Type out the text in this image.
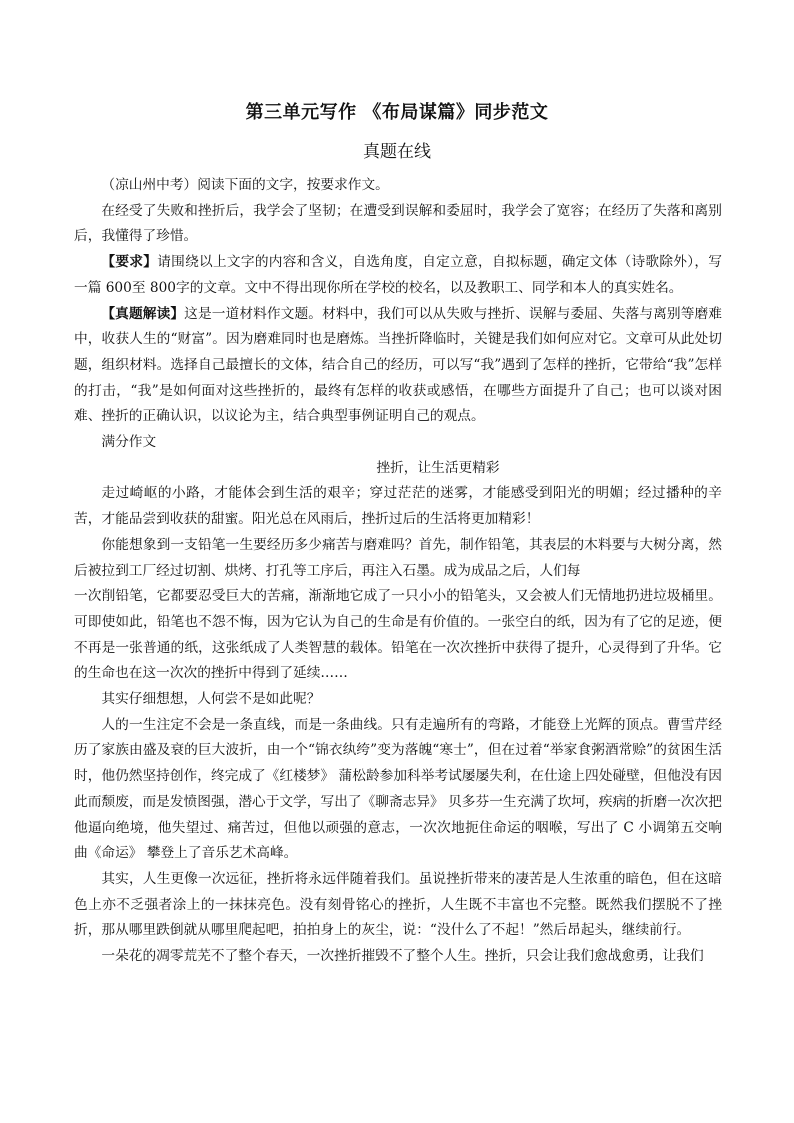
第三单元写作 《布局谋篇》同步范文
真题在线

（凉山州中考）阅读下面的文字，按要求作文。

在经受了失败和挫折后，我学会了坚韧；在遭受到误解和委屈时，我学会了宽容；在经历了失落和离别后，我懂得了珍惜。

【要求】请围绕以上文字的内容和含义，自选角度，自定立意，自拟标题，确定文体（诗歌除外），写一篇 600至 800字的文章。文中不得出现你所在学校的校名，以及教职工、同学和本人的真实姓名。

【真题解读】这是一道材料作文题。材料中，我们可以从失败与挫折、误解与委屈、失落与离别等磨难中，收获人生的“财富”。因为磨难同时也是磨炼。当挫折降临时，关键是我们如何应对它。文章可从此处切题，组织材料。选择自己最擅长的文体，结合自己的经历，可以写“我”遇到了怎样的挫折，它带给“我”怎样的打击，“我”是如何面对这些挫折的，最终有怎样的收获或感悟，在哪些方面提升了自己；也可以谈对困难、挫折的正确认识，以议论为主，结合典型事例证明自己的观点。

满分作文

挫折，让生活更精彩

走过崎岖的小路，才能体会到生活的艰辛；穿过茫茫的迷雾，才能感受到阳光的明媚；经过播种的辛苦，才能品尝到收获的甜蜜。阳光总在风雨后，挫折过后的生活将更加精彩！

你能想象到一支铅笔一生要经历多少痛苦与磨难吗？首先，制作铅笔，其表层的木料要与大树分离，然后被拉到工厂经过切割、烘烤、打孔等工序后，再注入石墨。成为成品之后，人们每

一次削铅笔，它都要忍受巨大的苦痛，渐渐地它成了一只小小的铅笔头，又会被人们无情地扔进垃圾桶里。可即使如此，铅笔也不怨不悔，因为它认为自己的生命是有价值的。一张空白的纸，因为有了它的足迹，便不再是一张普通的纸，这张纸成了人类智慧的载体。铅笔在一次次挫折中获得了提升，心灵得到了升华。它的生命也在这一次次的挫折中得到了延续……

其实仔细想想，人何尝不是如此呢？

人的一生注定不会是一条直线，而是一条曲线。只有走遍所有的弯路，才能登上光辉的顶点。曹雪芹经历了家族由盛及衰的巨大波折，由一个“锦衣纨绔”变为落魄“寒士”，但在过着“举家食粥酒常赊”的贫困生活时，他仍然坚持创作，终完成了《红楼梦》 蒲松龄参加科举考试屡屡失利，在仕途上四处碰壁，但他没有因此而颓废，而是发愤图强，潜心于文学，写出了《聊斋志异》 贝多芬一生充满了坎坷，疾病的折磨一次次把他逼向绝境，他失望过、痛苦过，但他以顽强的意志，一次次地扼住命运的咽喉，写出了 C 小调第五交响曲《命运》 攀登上了音乐艺术高峰。

其实，人生更像一次远征，挫折将永远伴随着我们。虽说挫折带来的凄苦是人生浓重的暗色，但在这暗色上亦不乏强者涂上的一抹抹亮色。没有刻骨铭心的挫折，人生既不丰富也不完整。既然我们摆脱不了挫折，那从哪里跌倒就从哪里爬起吧，拍拍身上的灰尘，说：“没什么了不起！”然后昂起头，继续前行。

一朵花的凋零荒芜不了整个春天，一次挫折摧毁不了整个人生。挫折，只会让我们愈战愈勇，让我们
